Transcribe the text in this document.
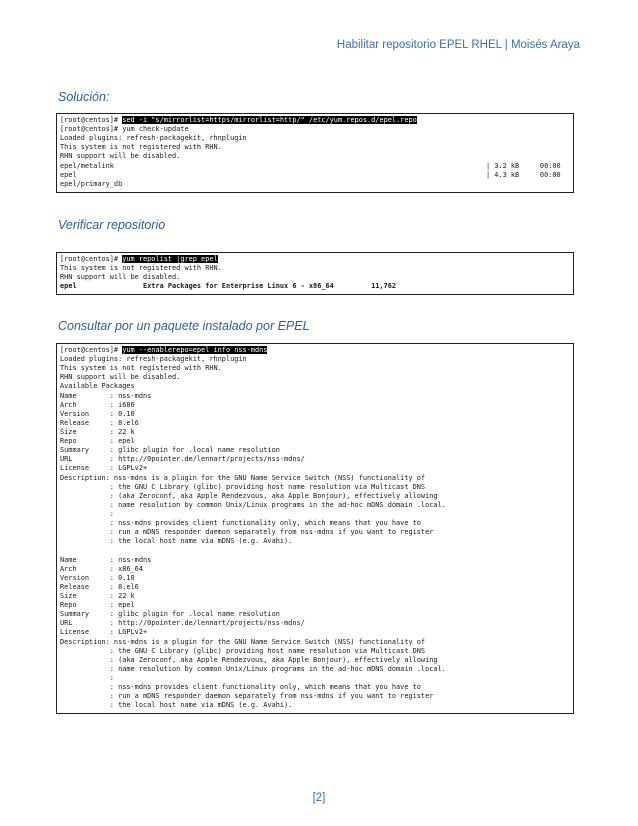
Habilitar repositorio EPEL RHEL | Moisés Araya
Solución:
[root@centos]# sed -i "s/mirrorlist=https/mirrorlist=http/" /etc/yum.repos.d/epel.repo
[root@centos]# yum check-update
Loaded plugins: refresh-packagekit, rhnplugin
This system is not registered with RHN.
RHN support will be disabled.
epel/metalink	| 3.2 kB     00:00
epel	| 4.3 kB     00:00
epel/primary_db
Verificar repositorio
[root@centos]# yum repolist |grep epel
This system is not registered with RHN.
RHN support will be disabled.
epel                Extra Packages for Enterprise Linux 6 - x86_64         11,762
Consultar por un paquete instalado por EPEL
[root@centos]# yum --enablerepo=epel info nss-mdns
Loaded plugins: refresh-packagekit, rhnplugin
This system is not registered with RHN.
RHN support will be disabled.
Available Packages
Name        : nss-mdns
Arch        : i686
Version     : 0.10
Release     : 8.el6
Size        : 22 k
Repo        : epel
Summary     : glibc plugin for .local name resolution
URL         : http://0pointer.de/lennart/projects/nss-mdns/
License     : LGPLv2+
Description: nss-mdns is a plugin for the GNU Name Service Switch (NSS) functionality of
: the GNU C Library (glibc) providing host name resolution via Multicast DNS
: (aka Zeroconf, aka Apple Rendezvous, aka Apple Bonjour), effectively allowing
: name resolution by common Unix/Linux programs in the ad-hoc mDNS domain .local.
:
: nss-mdns provides client functionality only, which means that you have to
: run a mDNS responder daemon separately from nss-mdns if you want to register
: the local host name via mDNS (e.g. Avahi).
Name        : nss-mdns
Arch        : x86_64
Version     : 0.10
Release     : 8.el6
Size        : 22 k
Repo        : epel
Summary     : glibc plugin for .local name resolution
URL         : http://0pointer.de/lennart/projects/nss-mdns/
License     : LGPLv2+
Description: nss-mdns is a plugin for the GNU Name Service Switch (NSS) functionality of
: the GNU C Library (glibc) providing host name resolution via Multicast DNS
: (aka Zeroconf, aka Apple Rendezvous, aka Apple Bonjour), effectively allowing
: name resolution by common Unix/Linux programs in the ad-hoc mDNS domain .local.
:
: nss-mdns provides client functionality only, which means that you have to
: run a mDNS responder daemon separately from nss-mdns if you want to register
: the local host name via mDNS (e.g. Avahi).
[2]
